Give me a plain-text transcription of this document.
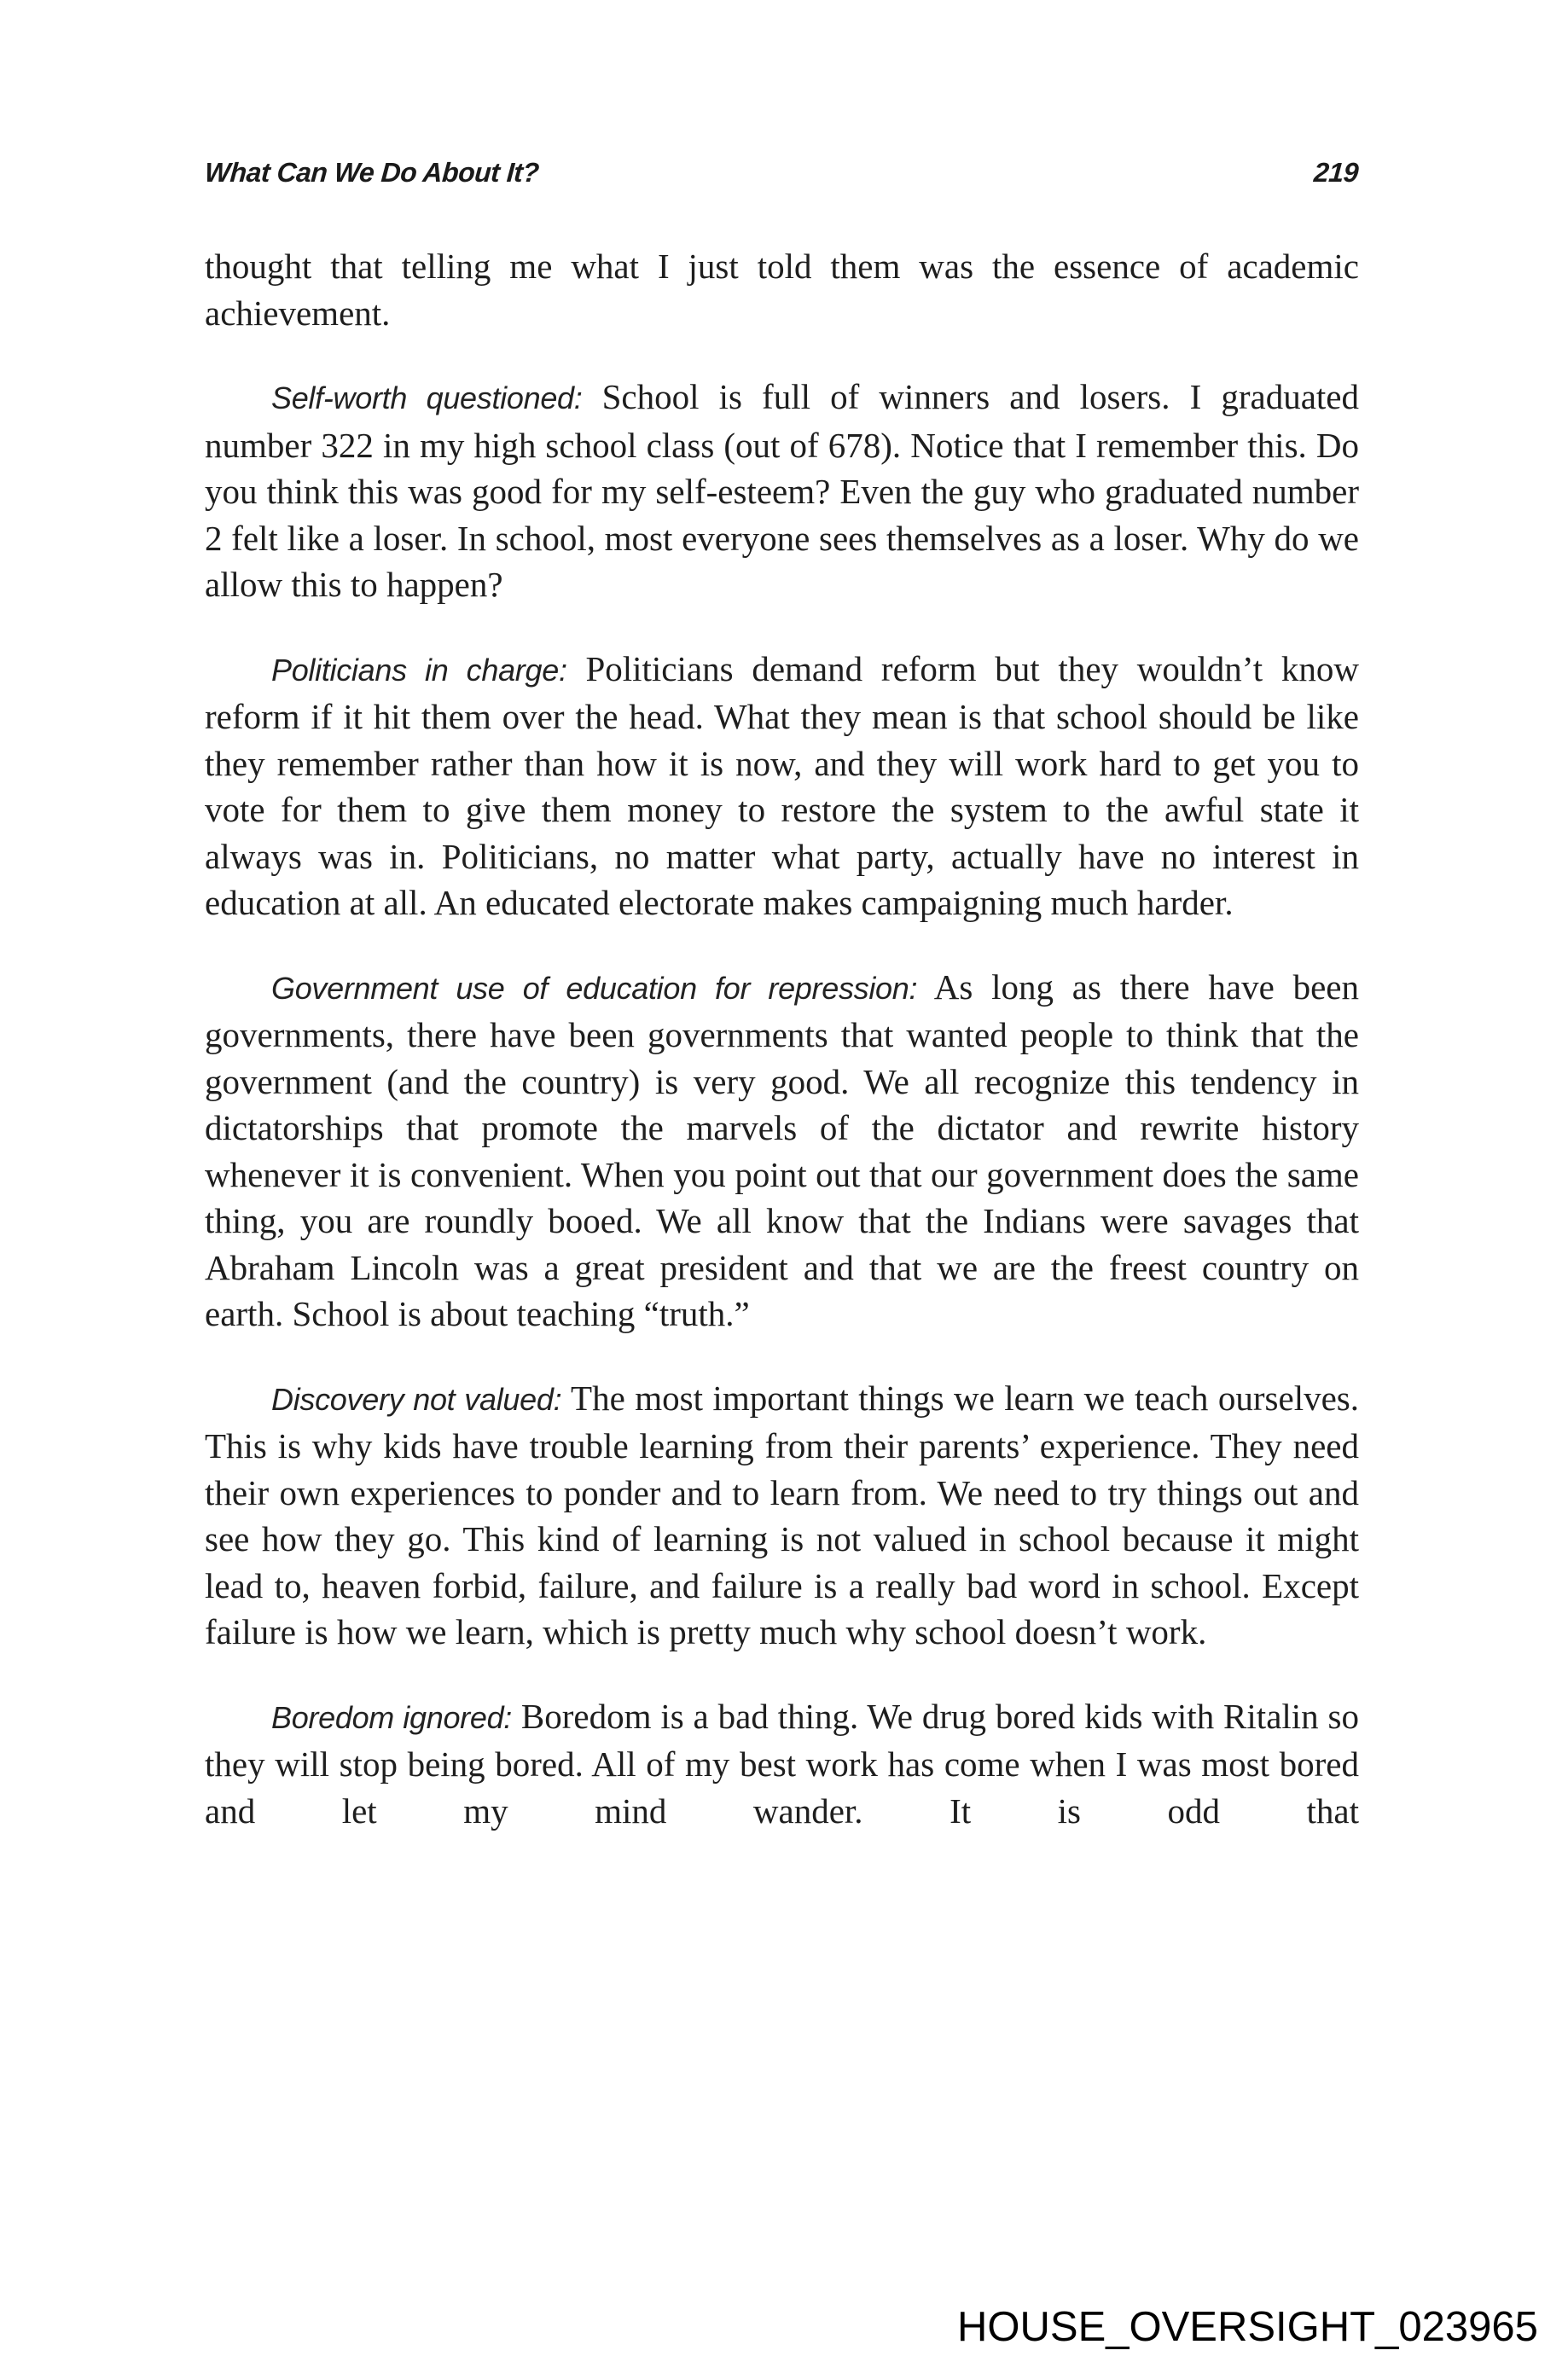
What Can We Do About It?	219

thought that telling me what I just told them was the essence of academic achievement.

Self-worth questioned: School is full of winners and losers. I graduated number 322 in my high school class (out of 678). Notice that I remember this. Do you think this was good for my self-esteem? Even the guy who graduated number 2 felt like a loser. In school, most everyone sees themselves as a loser. Why do we allow this to happen?

Politicians in charge: Politicians demand reform but they wouldn’t know reform if it hit them over the head. What they mean is that school should be like they remember rather than how it is now, and they will work hard to get you to vote for them to give them money to restore the system to the awful state it always was in. Politicians, no matter what party, actually have no interest in education at all. An educated electorate makes campaigning much harder.

Government use of education for repression: As long as there have been governments, there have been governments that wanted people to think that the government (and the country) is very good. We all recognize this tendency in dictatorships that promote the marvels of the dictator and rewrite history whenever it is convenient. When you point out that our government does the same thing, you are roundly booed. We all know that the Indians were savages that Abraham Lincoln was a great president and that we are the freest country on earth. School is about teaching “truth.”

Discovery not valued: The most important things we learn we teach ourselves. This is why kids have trouble learning from their parents’ experience. They need their own experiences to ponder and to learn from. We need to try things out and see how they go. This kind of learning is not valued in school because it might lead to, heaven forbid, failure, and failure is a really bad word in school. Except failure is how we learn, which is pretty much why school doesn’t work.

Boredom ignored: Boredom is a bad thing. We drug bored kids with Ritalin so they will stop being bored. All of my best work has come when I was most bored and let my mind wander. It is odd that

HOUSE_OVERSIGHT_023965
